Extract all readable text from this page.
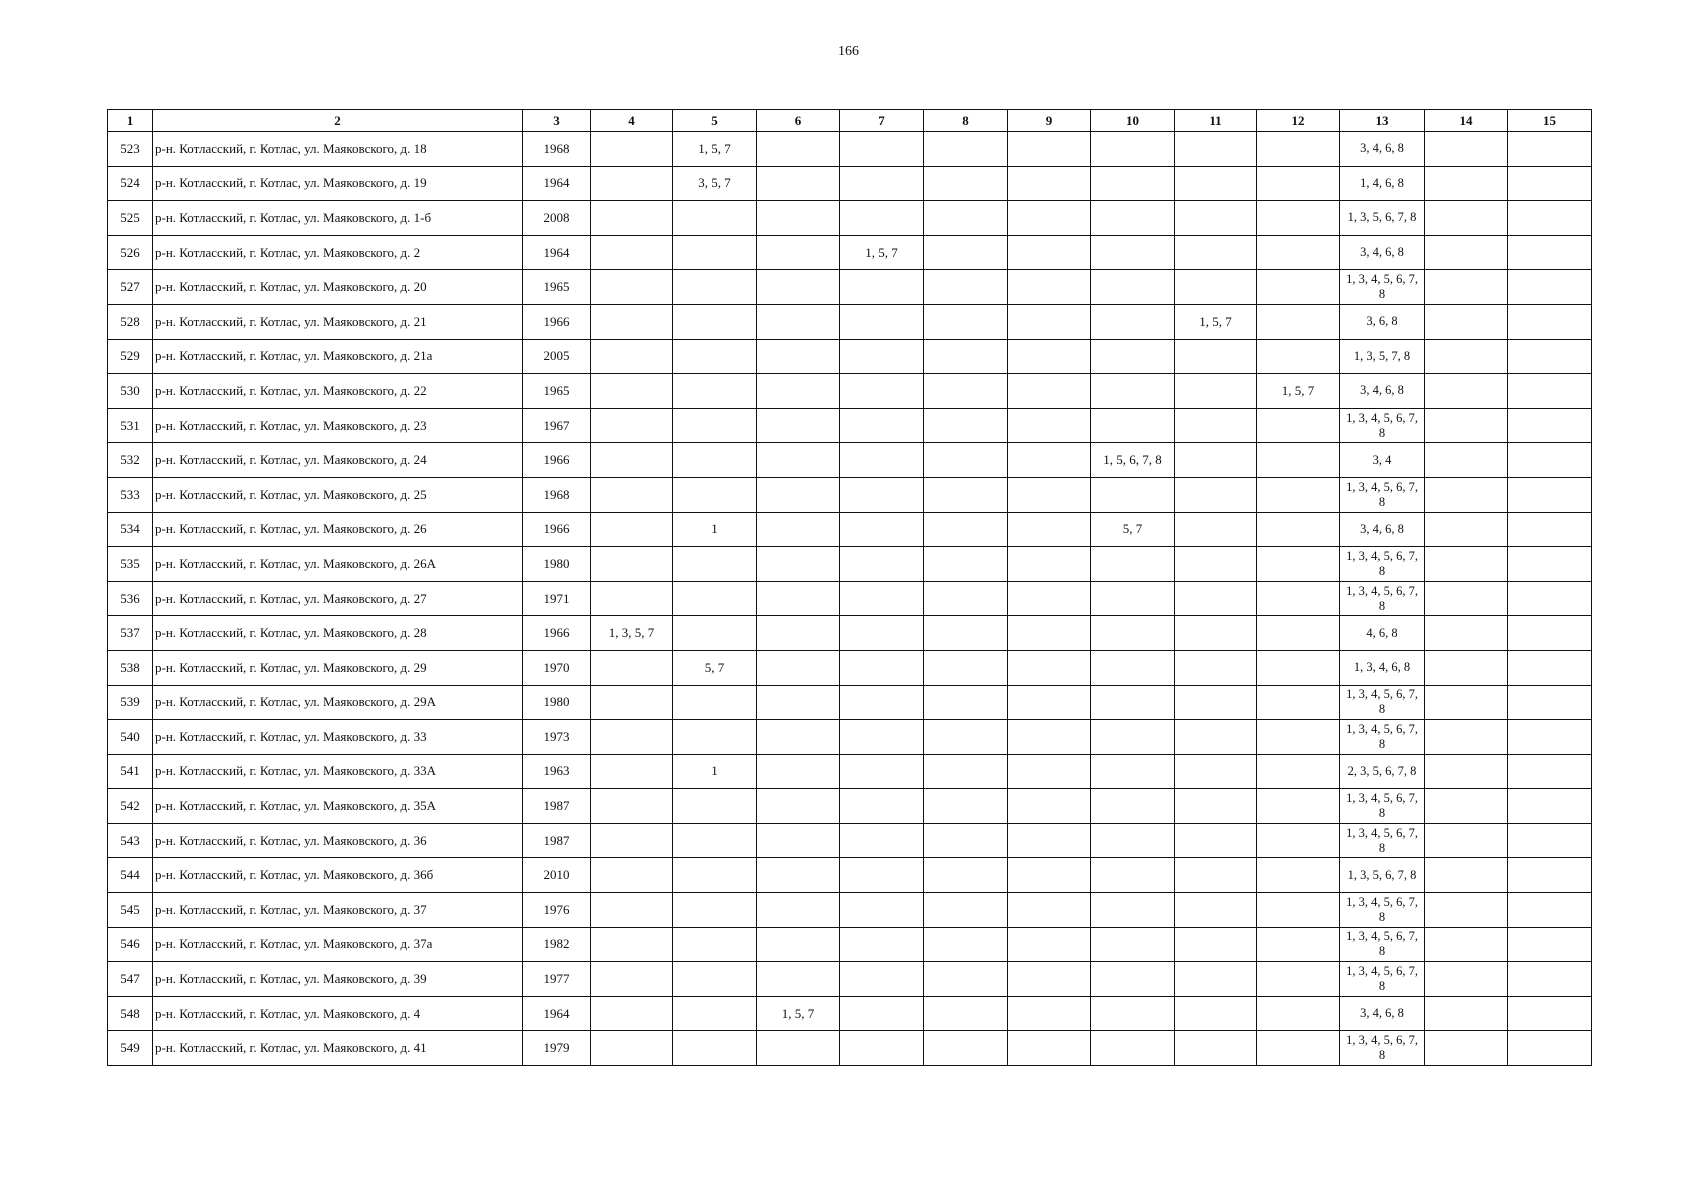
166
1	2	3	4	5	6	7	8	9	10	11	12	13	14	15
523	р-н. Котласский, г. Котлас, ул. Маяковского, д. 18	1968		1, 5, 7								3, 4, 6, 8		
524	р-н. Котласский, г. Котлас, ул. Маяковского, д. 19	1964		3, 5, 7								1, 4, 6, 8		
525	р-н. Котласский, г. Котлас, ул. Маяковского, д. 1-б	2008										1, 3, 5, 6, 7, 8		
526	р-н. Котласский, г. Котлас, ул. Маяковского, д. 2	1964				1, 5, 7						3, 4, 6, 8		
527	р-н. Котласский, г. Котлас, ул. Маяковского, д. 20	1965										1, 3, 4, 5, 6, 7, 8		
528	р-н. Котласский, г. Котлас, ул. Маяковского, д. 21	1966								1, 5, 7		3, 6, 8		
529	р-н. Котласский, г. Котлас, ул. Маяковского, д. 21а	2005										1, 3, 5, 7, 8		
530	р-н. Котласский, г. Котлас, ул. Маяковского, д. 22	1965									1, 5, 7	3, 4, 6, 8		
531	р-н. Котласский, г. Котлас, ул. Маяковского, д. 23	1967										1, 3, 4, 5, 6, 7, 8		
532	р-н. Котласский, г. Котлас, ул. Маяковского, д. 24	1966							1, 5, 6, 7, 8			3, 4		
533	р-н. Котласский, г. Котлас, ул. Маяковского, д. 25	1968										1, 3, 4, 5, 6, 7, 8		
534	р-н. Котласский, г. Котлас, ул. Маяковского, д. 26	1966		1					5, 7			3, 4, 6, 8		
535	р-н. Котласский, г. Котлас, ул. Маяковского, д. 26А	1980										1, 3, 4, 5, 6, 7, 8		
536	р-н. Котласский, г. Котлас, ул. Маяковского, д. 27	1971										1, 3, 4, 5, 6, 7, 8		
537	р-н. Котласский, г. Котлас, ул. Маяковского, д. 28	1966	1, 3, 5, 7									4, 6, 8		
538	р-н. Котласский, г. Котлас, ул. Маяковского, д. 29	1970		5, 7								1, 3, 4, 6, 8		
539	р-н. Котласский, г. Котлас, ул. Маяковского, д. 29А	1980										1, 3, 4, 5, 6, 7, 8		
540	р-н. Котласский, г. Котлас, ул. Маяковского, д. 33	1973										1, 3, 4, 5, 6, 7, 8		
541	р-н. Котласский, г. Котлас, ул. Маяковского, д. 33А	1963		1								2, 3, 5, 6, 7, 8		
542	р-н. Котласский, г. Котлас, ул. Маяковского, д. 35А	1987										1, 3, 4, 5, 6, 7, 8		
543	р-н. Котласский, г. Котлас, ул. Маяковского, д. 36	1987										1, 3, 4, 5, 6, 7, 8		
544	р-н. Котласский, г. Котлас, ул. Маяковского, д. 36б	2010										1, 3, 5, 6, 7, 8		
545	р-н. Котласский, г. Котлас, ул. Маяковского, д. 37	1976										1, 3, 4, 5, 6, 7, 8		
546	р-н. Котласский, г. Котлас, ул. Маяковского, д. 37а	1982										1, 3, 4, 5, 6, 7, 8		
547	р-н. Котласский, г. Котлас, ул. Маяковского, д. 39	1977										1, 3, 4, 5, 6, 7, 8		
548	р-н. Котласский, г. Котлас, ул. Маяковского, д. 4	1964			1, 5, 7							3, 4, 6, 8		
549	р-н. Котласский, г. Котлас, ул. Маяковского, д. 41	1979										1, 3, 4, 5, 6, 7, 8		
